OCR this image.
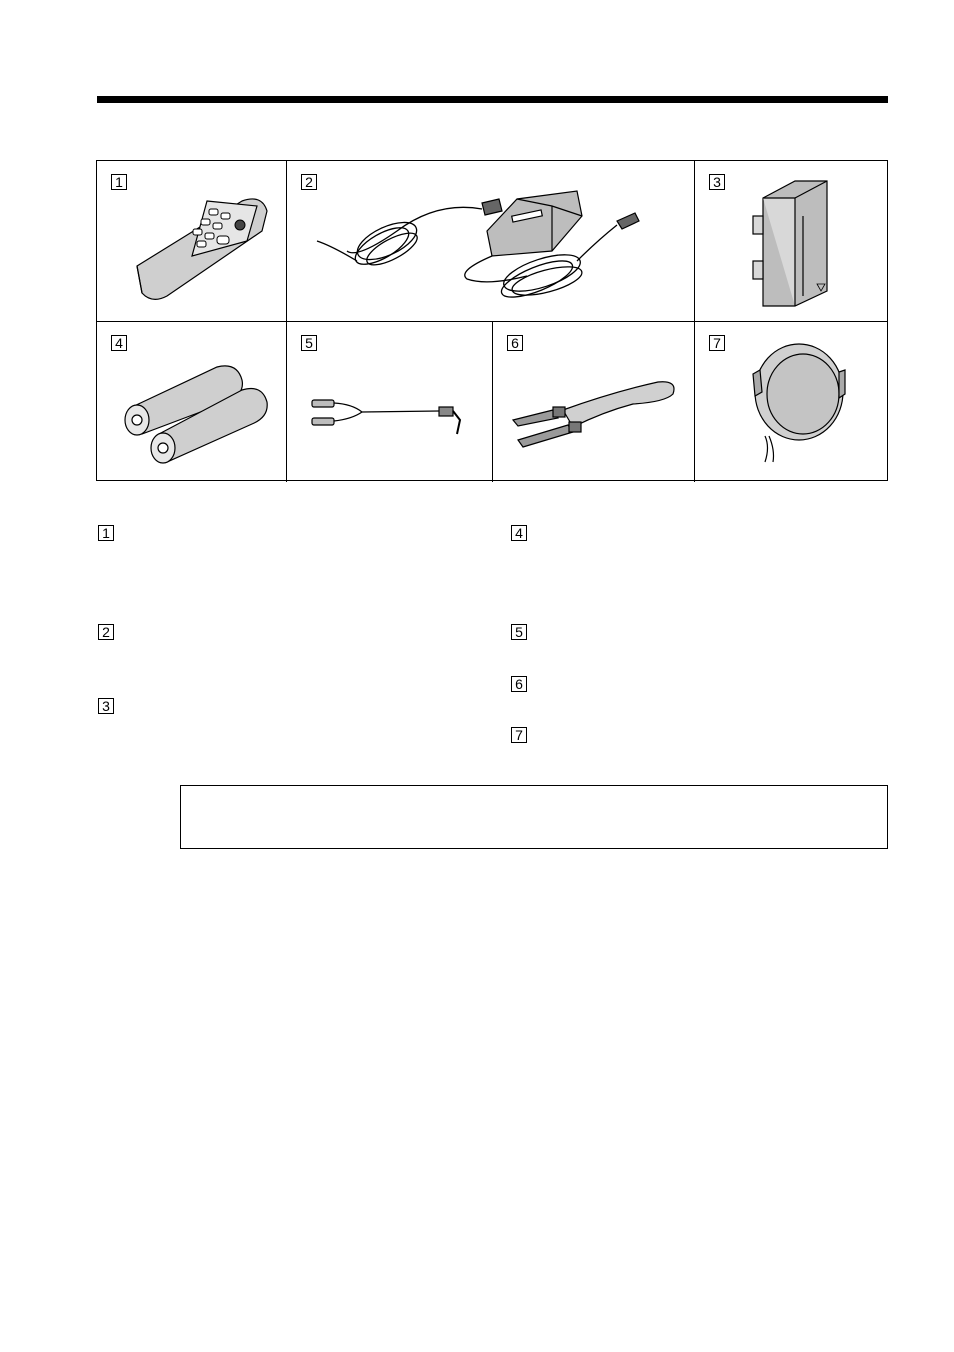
1	2	3
4	5	6	7
1
2
3
4
5
6
7
